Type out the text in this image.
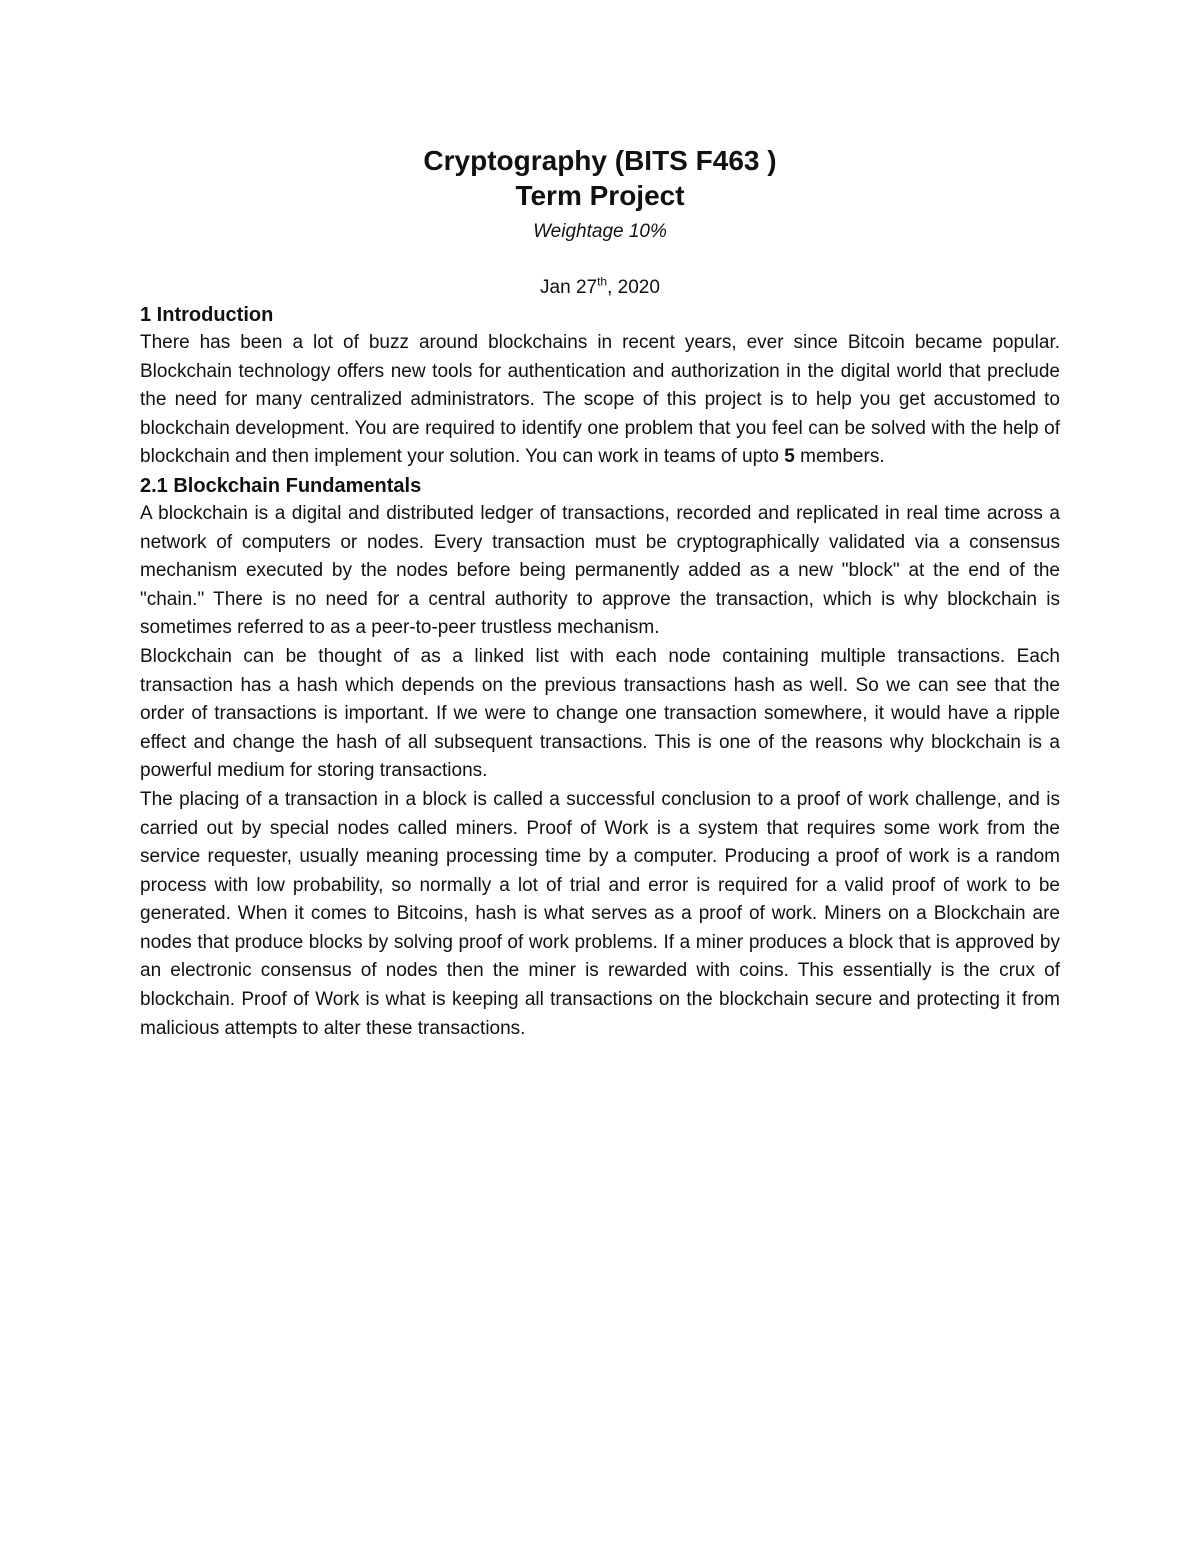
Cryptography (BITS F463 )
Term Project
Weightage 10%
Jan 27th, 2020
1 Introduction

There has been a lot of buzz around blockchains in recent years, ever since Bitcoin became popular. Blockchain technology offers new tools for authentication and authorization in the digital world that preclude the need for many centralized administrators. The scope of this project is to help you get accustomed to blockchain development. You are required to identify one problem that you feel can be solved with the help of blockchain and then implement your solution. You can work in teams of upto 5 members.

2.1 Blockchain Fundamentals

A blockchain is a digital and distributed ledger of transactions, recorded and replicated in real time across a network of computers or nodes. Every transaction must be cryptographically validated via a consensus mechanism executed by the nodes before being permanently added as a new "block" at the end of the "chain." There is no need for a central authority to approve the transaction, which is why blockchain is sometimes referred to as a peer-to-peer trustless mechanism.

Blockchain can be thought of as a linked list with each node containing multiple transactions. Each transaction has a hash which depends on the previous transactions hash as well. So we can see that the order of transactions is important. If we were to change one transaction somewhere, it would have a ripple effect and change the hash of all subsequent transactions. This is one of the reasons why blockchain is a powerful medium for storing transactions.

The placing of a transaction in a block is called a successful conclusion to a proof of work challenge, and is carried out by special nodes called miners. Proof of Work is a system that requires some work from the service requester, usually meaning processing time by a computer. Producing a proof of work is a random process with low probability, so normally a lot of trial and error is required for a valid proof of work to be generated. When it comes to Bitcoins, hash is what serves as a proof of work. Miners on a Blockchain are nodes that produce blocks by solving proof of work problems. If a miner produces a block that is approved by an electronic consensus of nodes then the miner is rewarded with coins. This essentially is the crux of blockchain. Proof of Work is what is keeping all transactions on the blockchain secure and protecting it from malicious attempts to alter these transactions.
